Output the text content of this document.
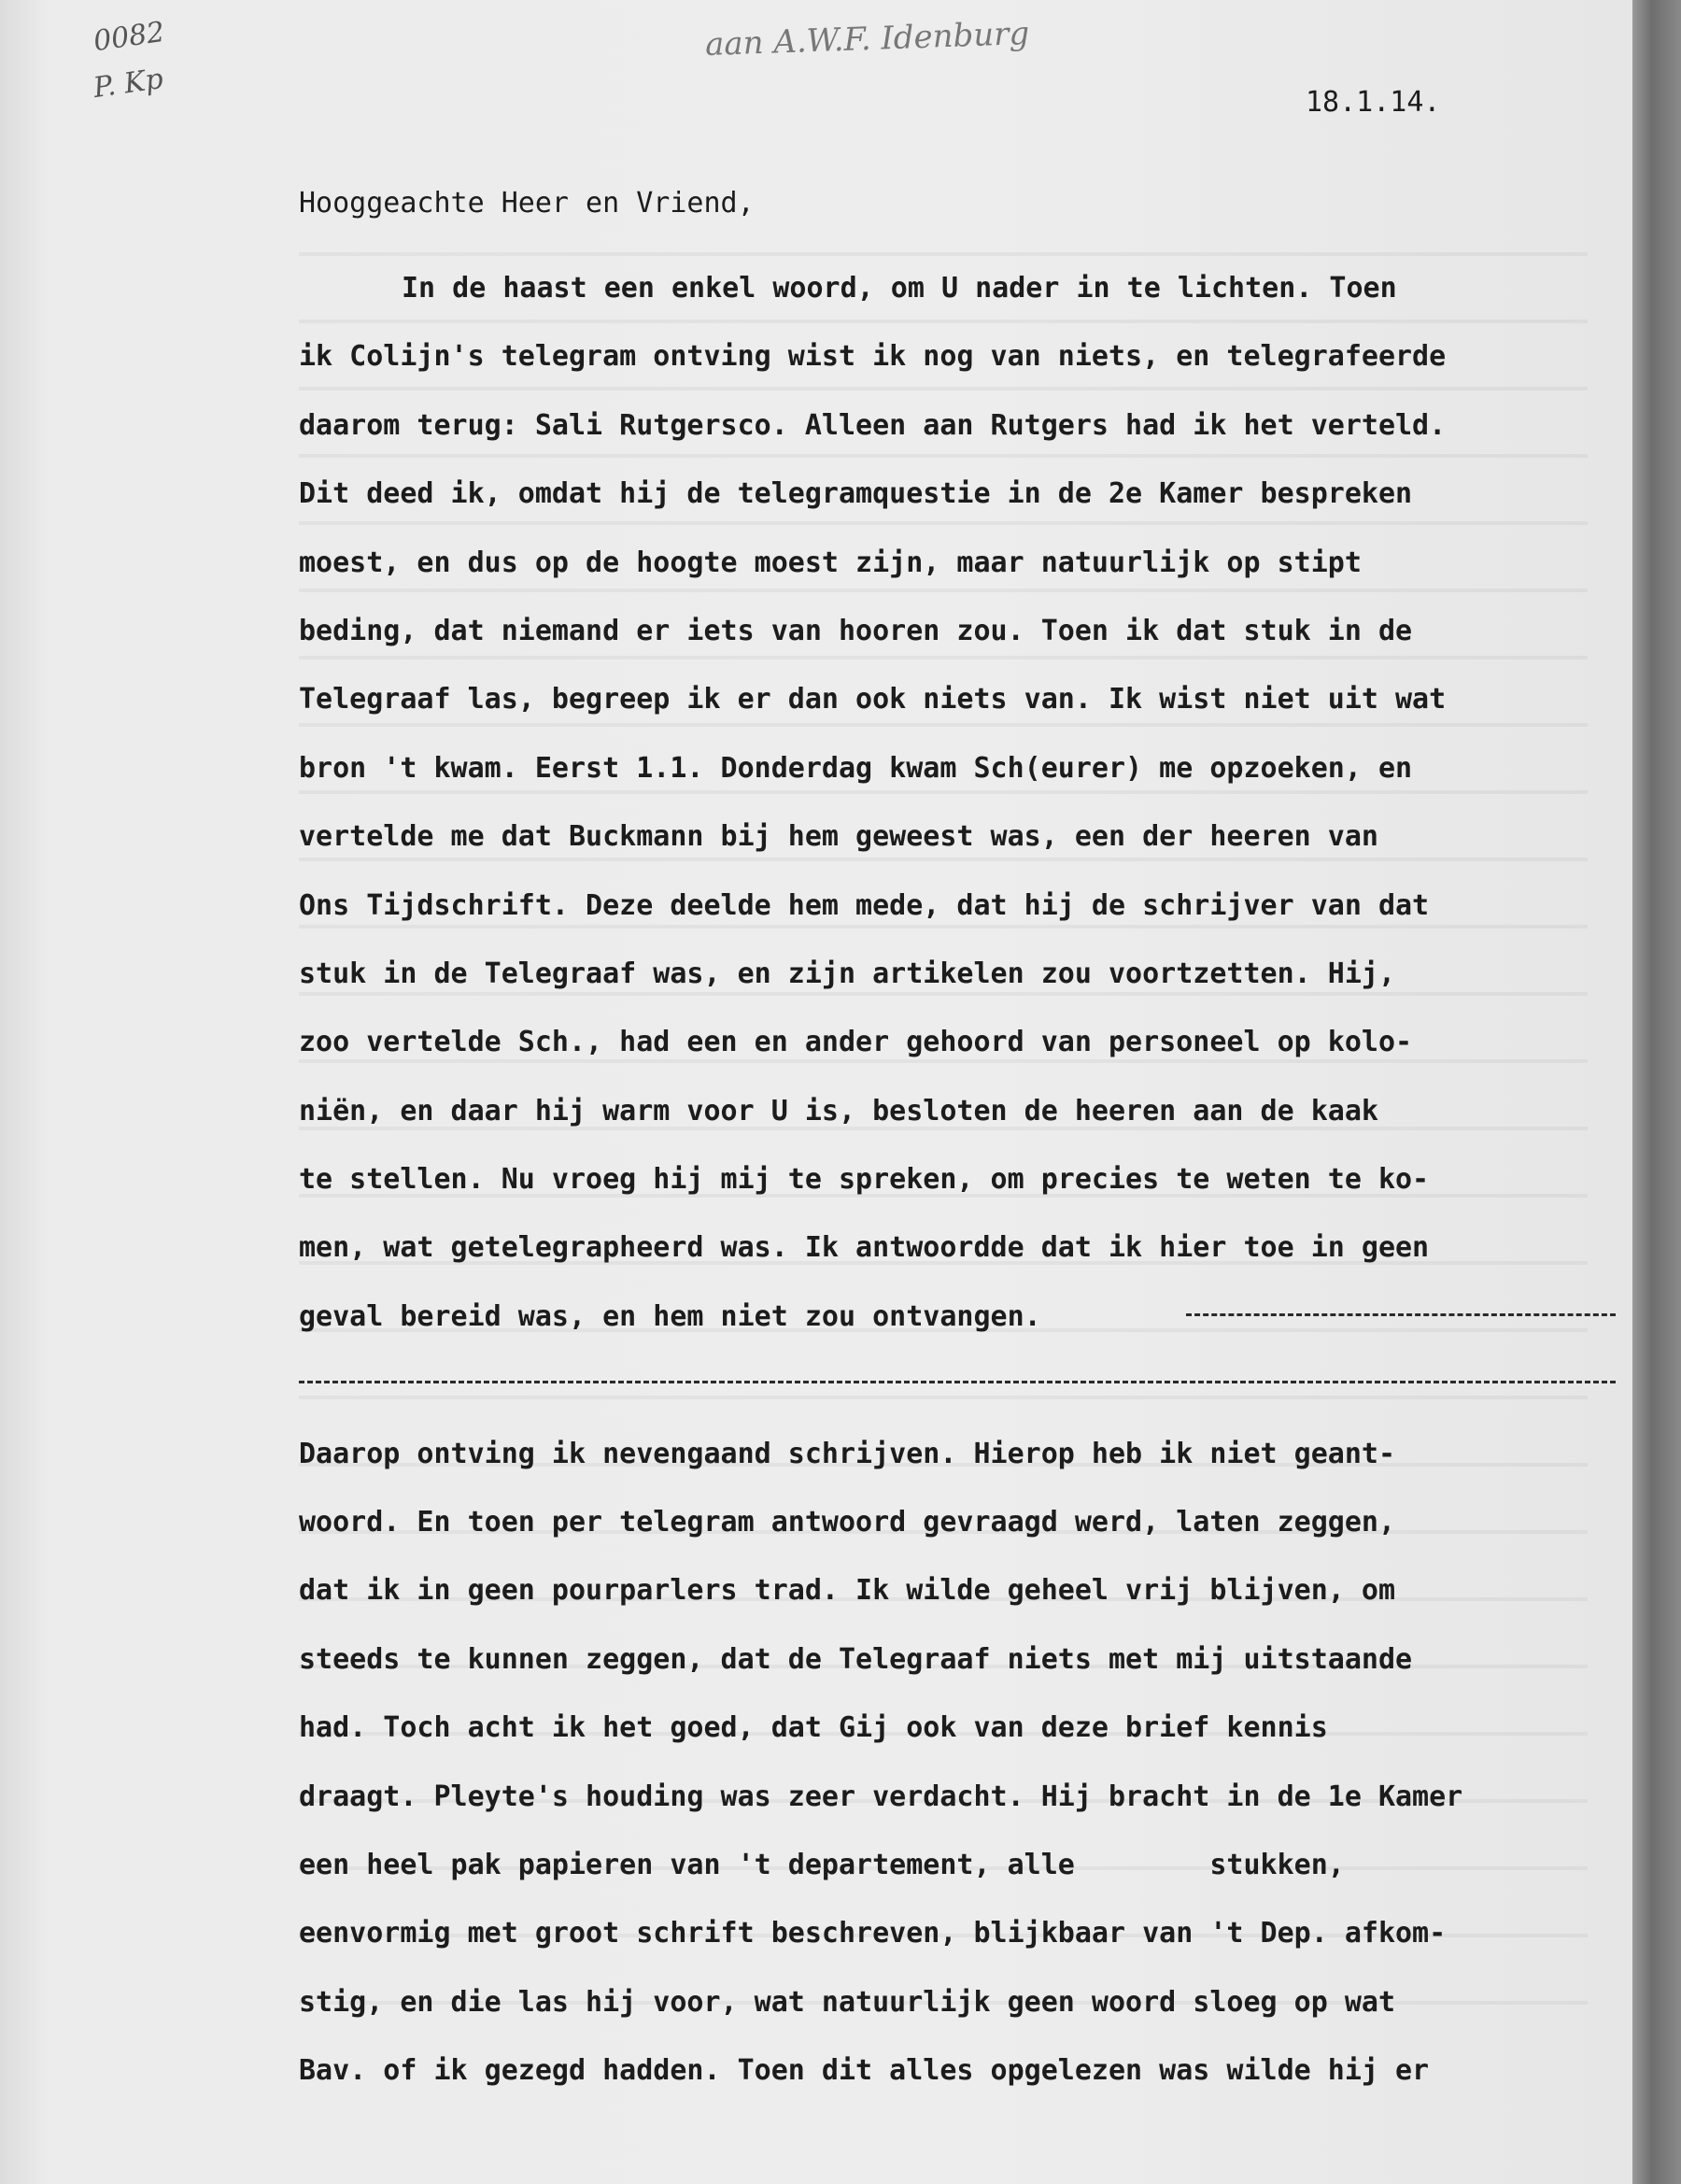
0082
P. Kp
aan A.W.F. Idenburg
18.1.14.
Hooggeachte Heer en Vriend,

In de haast een enkel woord, om U nader in te lichten. Toen

ik Colijn's telegram ontving wist ik nog van niets, en telegrafeerde

daarom terug: Sali Rutgersco. Alleen aan Rutgers had ik het verteld.

Dit deed ik, omdat hij de telegramquestie in de 2e Kamer bespreken

moest, en dus op de hoogte moest zijn, maar natuurlijk op stipt

beding, dat niemand er iets van hooren zou. Toen ik dat stuk in de

Telegraaf las, begreep ik er dan ook niets van. Ik wist niet uit wat

bron 't kwam. Eerst 1.1. Donderdag kwam Sch(eurer) me opzoeken, en

vertelde me dat Buckmann bij hem geweest was, een der heeren van

Ons Tijdschrift. Deze deelde hem mede, dat hij de schrijver van dat

stuk in de Telegraaf was, en zijn artikelen zou voortzetten. Hij,

zoo vertelde Sch., had een en ander gehoord van personeel op kolo-

niën, en daar hij warm voor U is, besloten de heeren aan de kaak

te stellen. Nu vroeg hij mij te spreken, om precies te weten te ko-

men, wat getelegrapheerd was. Ik antwoordde dat ik hier toe in geen

geval bereid was, en hem niet zou ontvangen.

Daarop ontving ik nevengaand schrijven. Hierop heb ik niet geant-

woord. En toen per telegram antwoord gevraagd werd, laten zeggen,

dat ik in geen pourparlers trad. Ik wilde geheel vrij blijven, om

steeds te kunnen zeggen, dat de Telegraaf niets met mij uitstaande

had. Toch acht ik het goed, dat Gij ook van deze brief kennis

draagt. Pleyte's houding was zeer verdacht. Hij bracht in de 1e Kamer

een heel pak papieren van 't departement, alle        stukken,

eenvormig met groot schrift beschreven, blijkbaar van 't Dep. afkom-

stig, en die las hij voor, wat natuurlijk geen woord sloeg op wat

Bav. of ik gezegd hadden. Toen dit alles opgelezen was wilde hij er
